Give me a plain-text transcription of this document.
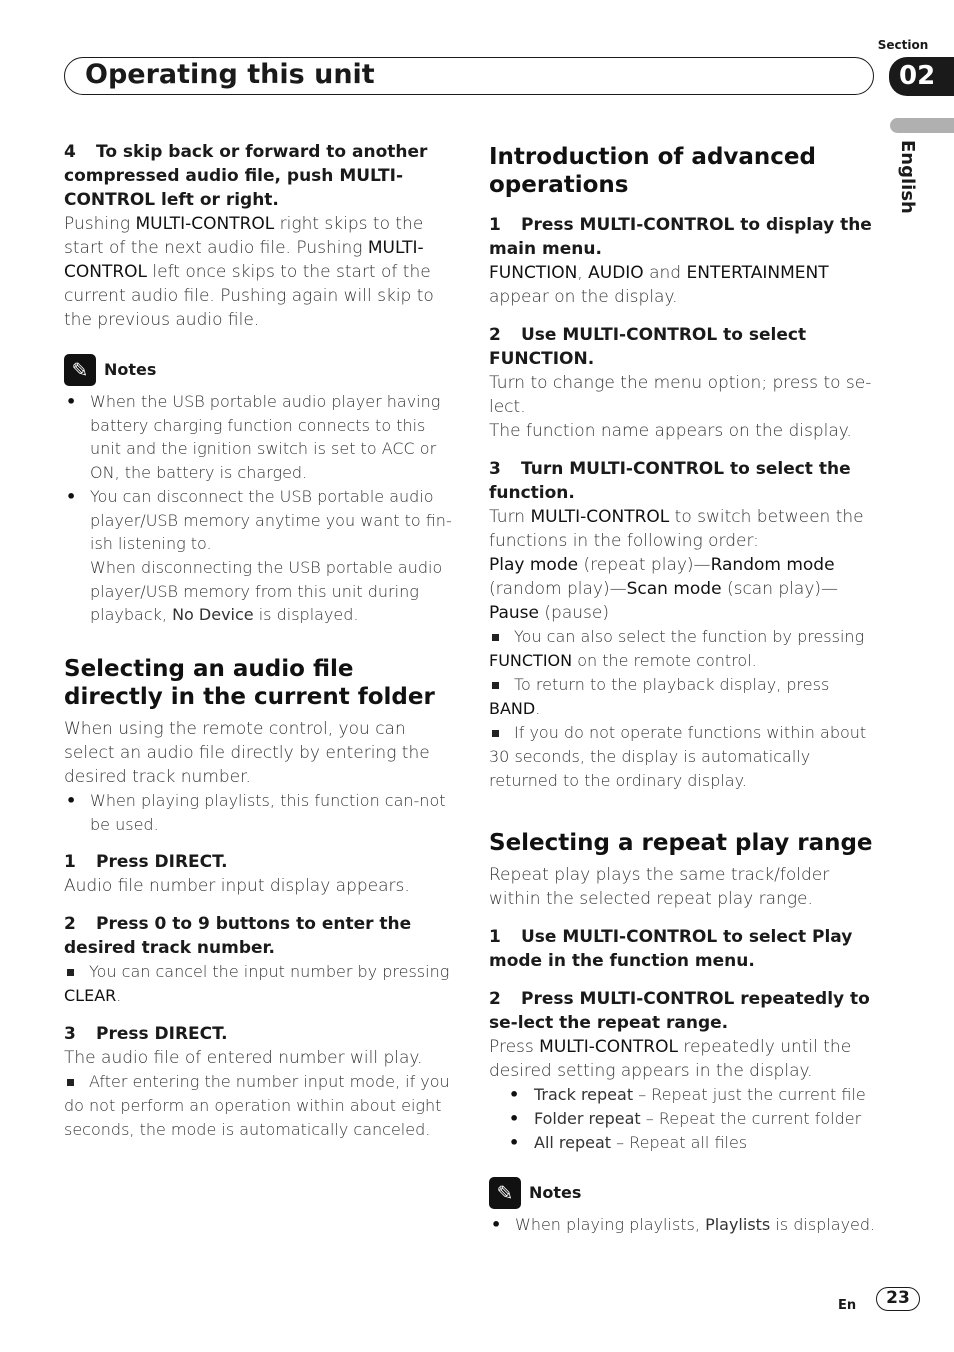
Section
02
Operating this unit
English
4 To skip back or forward to another compressed audio file, push MULTI-CONTROL left or right.
Pushing MULTI-CONTROL right skips to the start of the next audio file. Pushing MULTI-CONTROL left once skips to the start of the current audio file. Pushing again will skip to the previous audio file.
✎ Notes
• When the USB portable audio player having battery charging function connects to this unit and the ignition switch is set to ACC or ON, the battery is charged.
• You can disconnect the USB portable audio player/USB memory anytime you want to fin-ish listening to.
When disconnecting the USB portable audio player/USB memory from this unit during playback, No Device is displayed.
Selecting an audio file directly in the current folder
When using the remote control, you can select an audio file directly by entering the desired track number.
• When playing playlists, this function can-not be used.
1 Press DIRECT.
Audio file number input display appears.
2 Press 0 to 9 buttons to enter the desired track number.
You can cancel the input number by pressing CLEAR.
3 Press DIRECT.
The audio file of entered number will play.
After entering the number input mode, if you do not perform an operation within about eight seconds, the mode is automatically canceled.
Introduction of advanced operations
1 Press MULTI-CONTROL to display the main menu.
FUNCTION, AUDIO and ENTERTAINMENT appear on the display.
2 Use MULTI-CONTROL to select FUNCTION.
Turn to change the menu option; press to se-lect.
The function name appears on the display.
3 Turn MULTI-CONTROL to select the function.
Turn MULTI-CONTROL to switch between the functions in the following order:
Play mode (repeat play)—Random mode (random play)—Scan mode (scan play)—Pause (pause)
You can also select the function by pressing FUNCTION on the remote control.
To return to the playback display, press BAND.
If you do not operate functions within about 30 seconds, the display is automatically returned to the ordinary display.
Selecting a repeat play range
Repeat play plays the same track/folder within the selected repeat play range.
1 Use MULTI-CONTROL to select Play mode in the function menu.
2 Press MULTI-CONTROL repeatedly to se-lect the repeat range.
Press MULTI-CONTROL repeatedly until the desired setting appears in the display.
• Track repeat – Repeat just the current file
• Folder repeat – Repeat the current folder
• All repeat – Repeat all files
✎ Notes
• When playing playlists, Playlists is displayed.
En	23
